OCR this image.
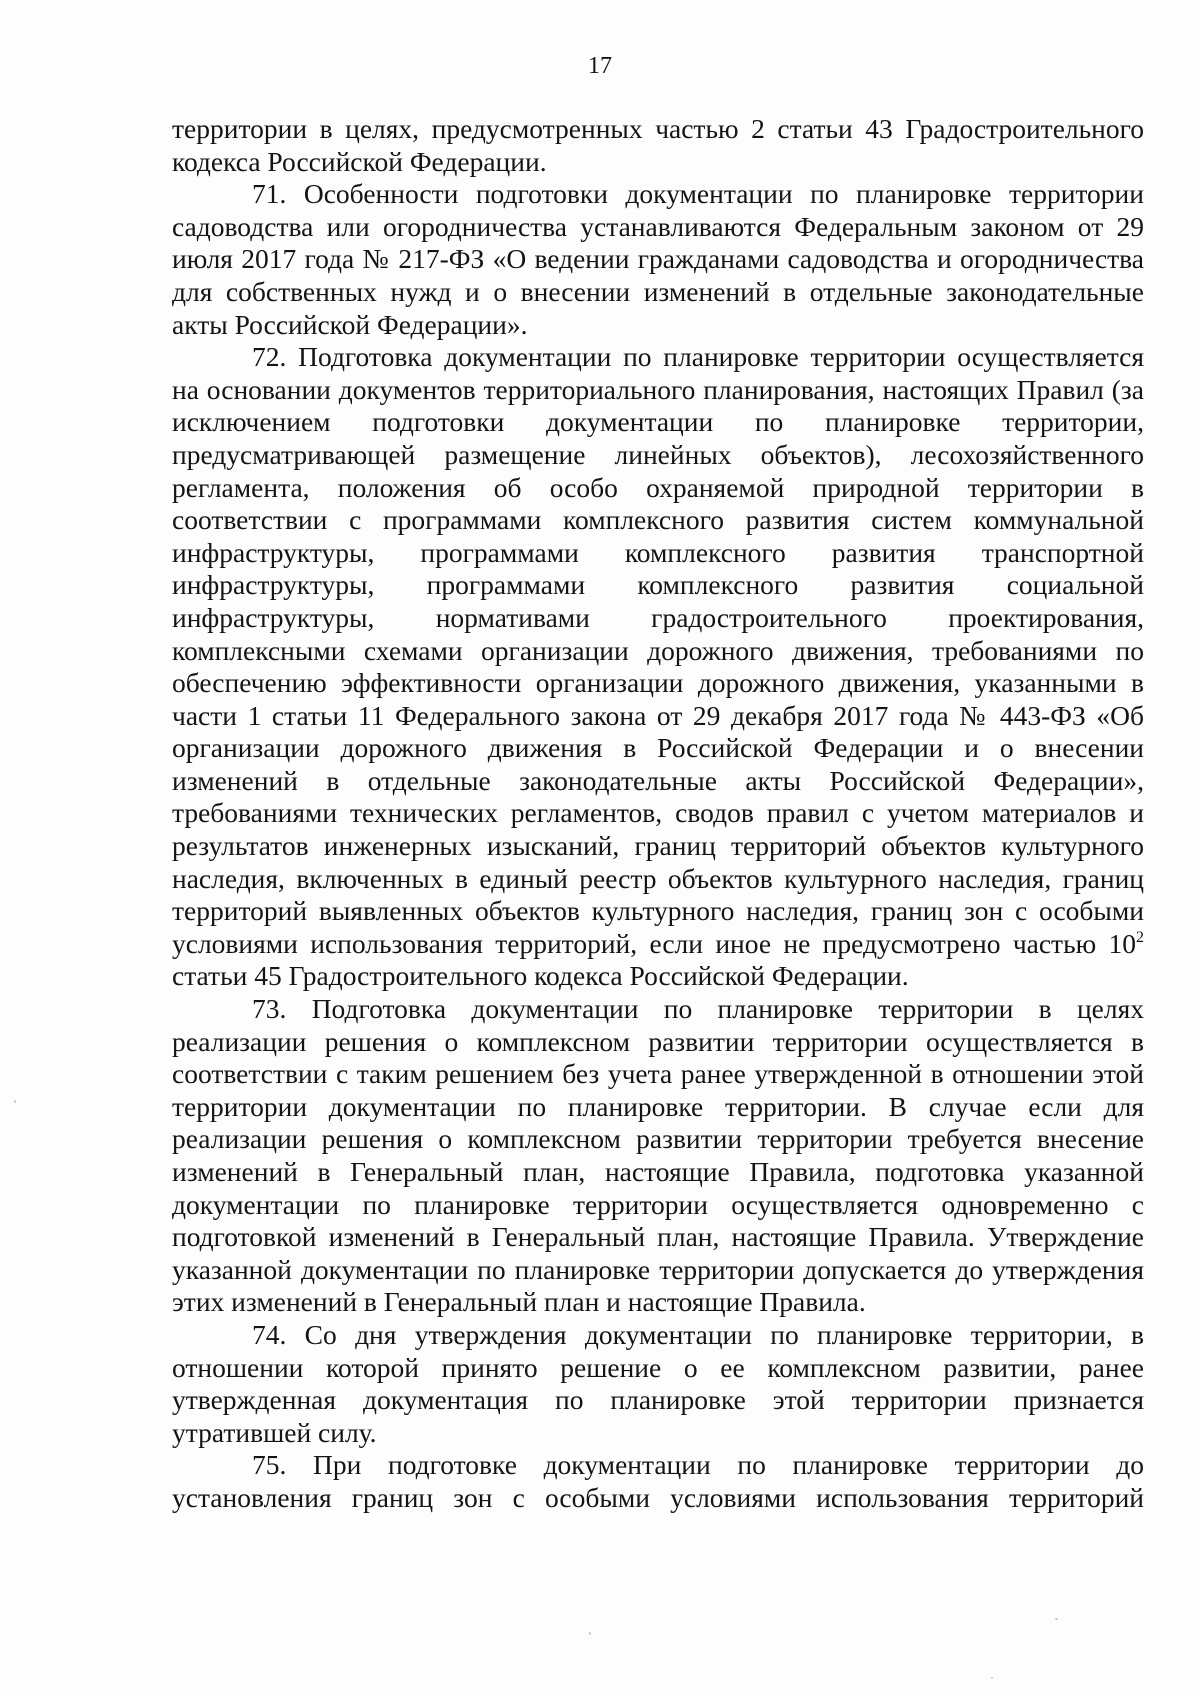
17

территории в целях, предусмотренных частью 2 статьи 43 Градостроительного кодекса Российской Федерации.

71. Особенности подготовки документации по планировке территории садоводства или огородничества устанавливаются Федеральным законом от 29 июля 2017 года № 217-ФЗ «О ведении гражданами садоводства и огородничества для собственных нужд и о внесении изменений в отдельные законодательные акты Российской Федерации».

72. Подготовка документации по планировке территории осуществляется на основании документов территориального планирования, настоящих Правил (за исключением подготовки документации по планировке территории, предусматривающей размещение линейных объектов), лесохозяйственного регламента, положения об особо охраняемой природной территории в соответствии с программами комплексного развития систем коммунальной инфраструктуры, программами комплексного развития транспортной инфраструктуры, программами комплексного развития социальной инфраструктуры, нормативами градостроительного проектирования, комплексными схемами организации дорожного движения, требованиями по обеспечению эффективности организации дорожного движения, указанными в части 1 статьи 11 Федерального закона от 29 декабря 2017 года № 443-ФЗ «Об организации дорожного движения в Российской Федерации и о внесении изменений в отдельные законодательные акты Российской Федерации», требованиями технических регламентов, сводов правил с учетом материалов и результатов инженерных изысканий, границ территорий объектов культурного наследия, включенных в единый реестр объектов культурного наследия, границ территорий выявленных объектов культурного наследия, границ зон с особыми условиями использования территорий, если иное не предусмотрено частью $10^2$ статьи 45 Градостроительного кодекса Российской Федерации.

73. Подготовка документации по планировке территории в целях реализации решения о комплексном развитии территории осуществляется в соответствии с таким решением без учета ранее утвержденной в отношении этой территории документации по планировке территории. В случае если для реализации решения о комплексном развитии территории требуется внесение изменений в Генеральный план, настоящие Правила, подготовка указанной документации по планировке территории осуществляется одновременно с подготовкой изменений в Генеральный план, настоящие Правила. Утверждение указанной документации по планировке территории допускается до утверждения этих изменений в Генеральный план и настоящие Правила.

74. Со дня утверждения документации по планировке территории, в отношении которой принято решение о ее комплексном развитии, ранее утвержденная документация по планировке этой территории признается утратившей силу.

75. При подготовке документации по планировке территории до установления границ зон с особыми условиями использования территорий
